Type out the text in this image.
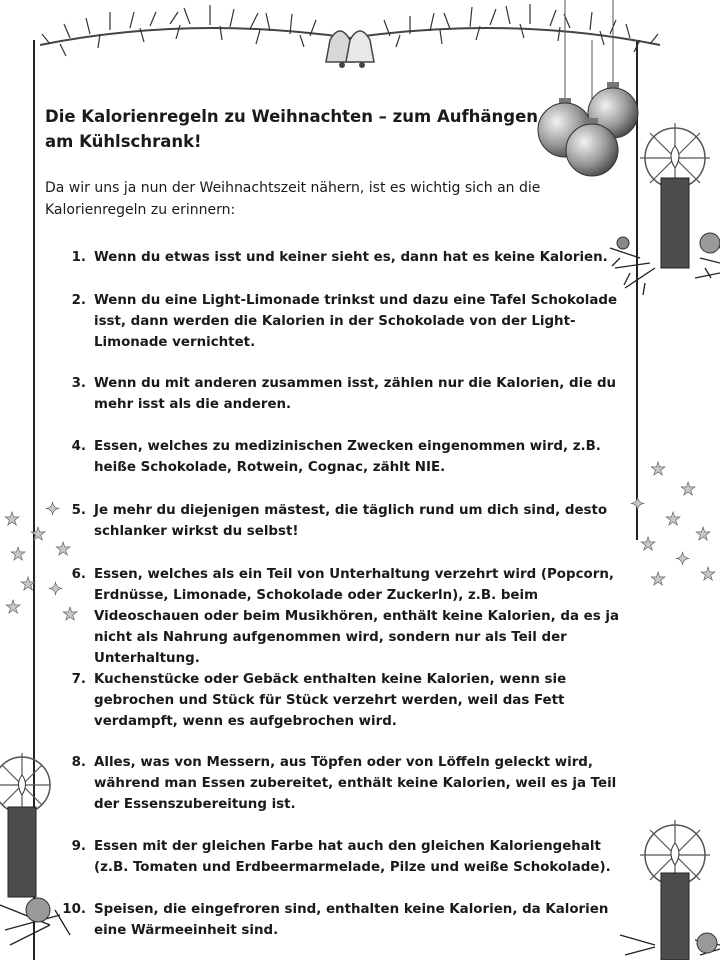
★
★
★
✦
★
★ ✦
★ ★
★
★
✦
★
★
★
✦
★ ★
Die Kalorienregeln zu Weihnachten – zum Aufhängen am Kühlschrank!

Da wir uns ja nun der Weihnachtszeit nähern, ist es wichtig sich an die Kalorienregeln zu erinnern:

1. Wenn du etwas isst und keiner sieht es, dann hat es keine Kalorien.
2. Wenn du eine Light-Limonade trinkst und dazu eine Tafel Schokolade isst, dann werden die Kalorien in der Schokolade von der Light-Limonade vernichtet.
3. Wenn du mit anderen zusammen isst, zählen nur die Kalorien, die du mehr isst als die anderen.
4. Essen, welches zu medizinischen Zwecken eingenommen wird, z.B. heiße Schokolade, Rotwein, Cognac, zählt NIE.
5. Je mehr du diejenigen mästest, die täglich rund um dich sind, desto schlanker wirkst du selbst!
6. Essen, welches als ein Teil von Unterhaltung verzehrt wird (Popcorn, Erdnüsse, Limonade, Schokolade oder Zuckerln), z.B. beim Videoschauen oder beim Musikhören, enthält keine Kalorien, da es ja nicht als Nahrung aufgenommen wird, sondern nur als Teil der Unterhaltung.
7. Kuchenstücke oder Gebäck enthalten keine Kalorien, wenn sie gebrochen und Stück für Stück verzehrt werden, weil das Fett verdampft, wenn es aufgebrochen wird.
8. Alles, was von Messern, aus Töpfen oder von Löffeln geleckt wird, während man Essen zubereitet, enthält keine Kalorien, weil es ja Teil der Essenszubereitung ist.
9. Essen mit der gleichen Farbe hat auch den gleichen Kaloriengehalt (z.B. Tomaten und Erdbeermarmelade, Pilze und weiße Schokolade).
10. Speisen, die eingefroren sind, enthalten keine Kalorien, da Kalorien eine Wärmeeinheit sind.
